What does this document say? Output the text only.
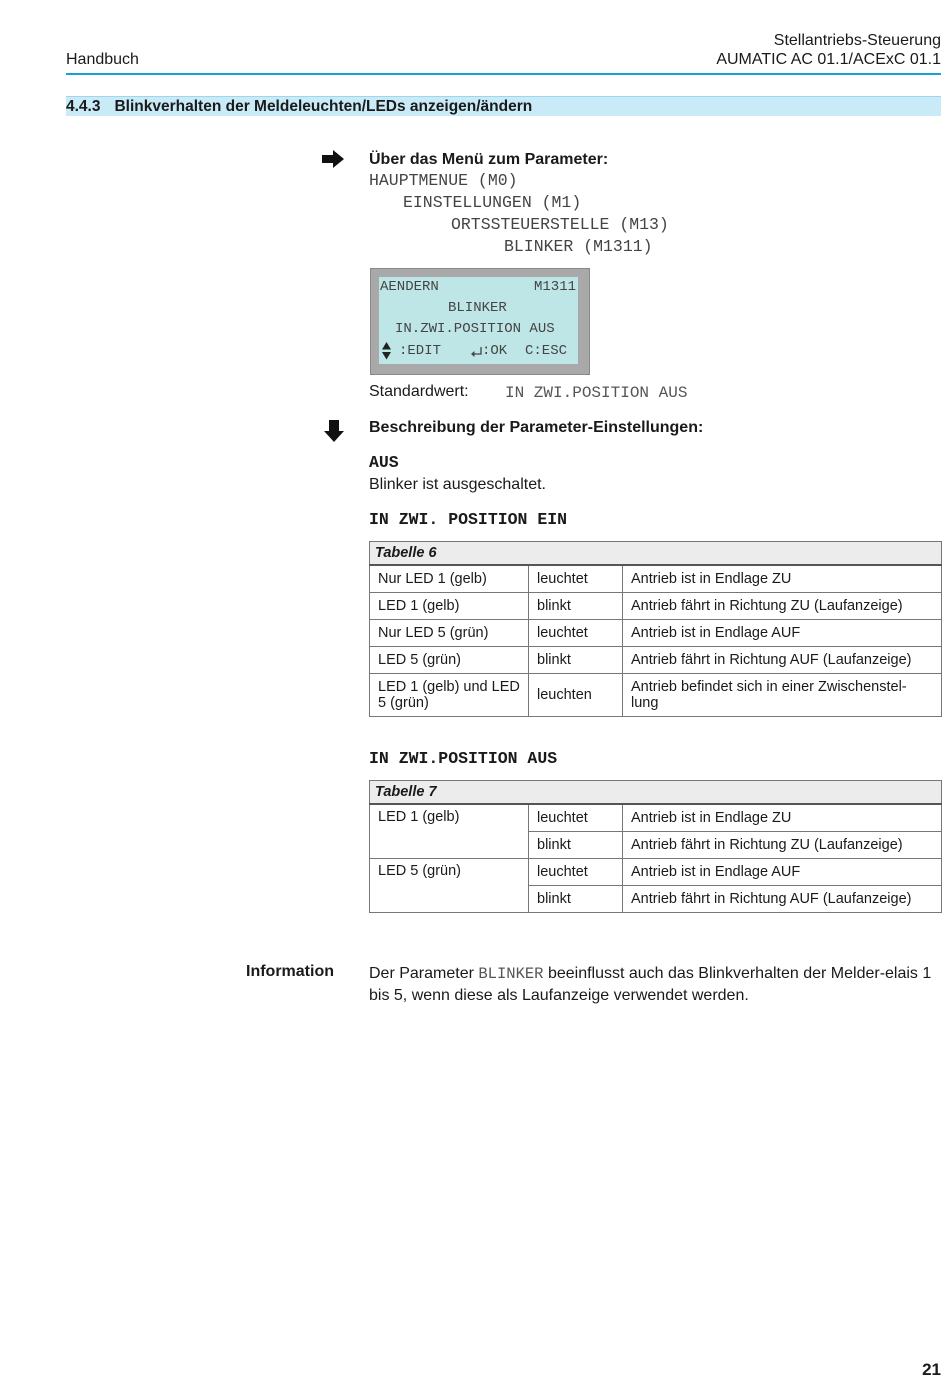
Handbuch
Stellantriebs-Steuerung
AUMATIC AC 01.1/ACExC 01.1
4.4.3 Blinkverhalten der Meldeleuchten/LEDs anzeigen/ändern
Über das Menü zum Parameter:
HAUPTMENUE (M0)
EINSTELLUNGEN (M1)
ORTSSTEUERSTELLE (M13)
BLINKER (M1311)
AENDERN	M1311
BLINKER
IN.ZWI.POSITION AUS
:EDIT	:OK C:ESC
Standardwert: IN ZWI.POSITION AUS
Beschreibung der Parameter-Einstellungen:
AUS
Blinker ist ausgeschaltet.
IN ZWI. POSITION EIN
Tabelle 6		
Nur LED 1 (gelb)	leuchtet	Antrieb ist in Endlage ZU
LED 1 (gelb)	blinkt	Antrieb fährt in Richtung ZU (Laufanzeige)
Nur LED 5 (grün)	leuchtet	Antrieb ist in Endlage AUF
LED 5 (grün)	blinkt	Antrieb fährt in Richtung AUF (Laufanzeige)
LED 1 (gelb) und LED 5 (grün)	leuchten	Antrieb befindet sich in einer Zwischenstel-lung
IN ZWI.POSITION AUS
Tabelle 7		
LED 1 (gelb)	leuchtet	Antrieb ist in Endlage ZU
	blinkt	Antrieb fährt in Richtung ZU (Laufanzeige)
LED 5 (grün)	leuchtet	Antrieb ist in Endlage AUF
	blinkt	Antrieb fährt in Richtung AUF (Laufanzeige)
Information Der Parameter BLINKER beeinflusst auch das Blinkverhalten der Melder-elais 1 bis 5, wenn diese als Laufanzeige verwendet werden.
21
